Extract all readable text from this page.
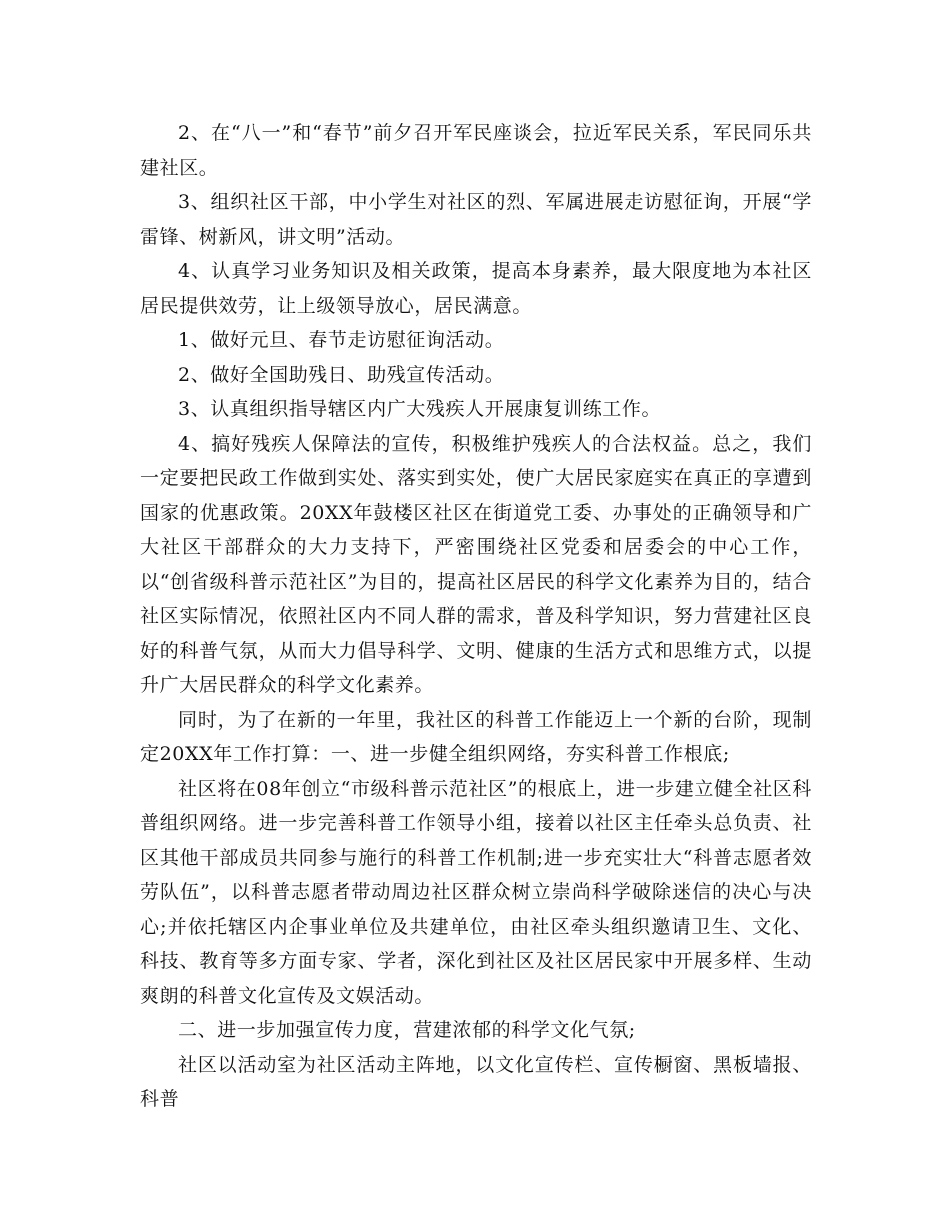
2、在“八一”和“春节”前夕召开军民座谈会，拉近军民关系，军民同乐共建社区。

3、组织社区干部，中小学生对社区的烈、军属进展走访慰征询，开展“学雷锋、树新风，讲文明”活动。

4、认真学习业务知识及相关政策，提高本身素养，最大限度地为本社区居民提供效劳，让上级领导放心，居民满意。

1、做好元旦、春节走访慰征询活动。

2、做好全国助残日、助残宣传活动。

3、认真组织指导辖区内广大残疾人开展康复训练工作。

4、搞好残疾人保障法的宣传，积极维护残疾人的合法权益。总之，我们一定要把民政工作做到实处、落实到实处，使广大居民家庭实在真正的享遭到国家的优惠政策。20XX年鼓楼区社区在街道党工委、办事处的正确领导和广大社区干部群众的大力支持下，严密围绕社区党委和居委会的中心工作，以“创省级科普示范社区”为目的，提高社区居民的科学文化素养为目的，结合社区实际情况，依照社区内不同人群的需求，普及科学知识，努力营建社区良好的科普气氛，从而大力倡导科学、文明、健康的生活方式和思维方式，以提升广大居民群众的科学文化素养。

同时，为了在新的一年里，我社区的科普工作能迈上一个新的台阶，现制定20XX年工作打算：一、进一步健全组织网络，夯实科普工作根底;

社区将在08年创立“市级科普示范社区”的根底上，进一步建立健全社区科普组织网络。进一步完善科普工作领导小组，接着以社区主任牵头总负责、社区其他干部成员共同参与施行的科普工作机制;进一步充实壮大“科普志愿者效劳队伍”，以科普志愿者带动周边社区群众树立崇尚科学破除迷信的决心与决心;并依托辖区内企事业单位及共建单位，由社区牵头组织邀请卫生、文化、科技、教育等多方面专家、学者，深化到社区及社区居民家中开展多样、生动爽朗的科普文化宣传及文娱活动。

二、进一步加强宣传力度，营建浓郁的科学文化气氛;

社区以活动室为社区活动主阵地，以文化宣传栏、宣传橱窗、黑板墙报、科普
